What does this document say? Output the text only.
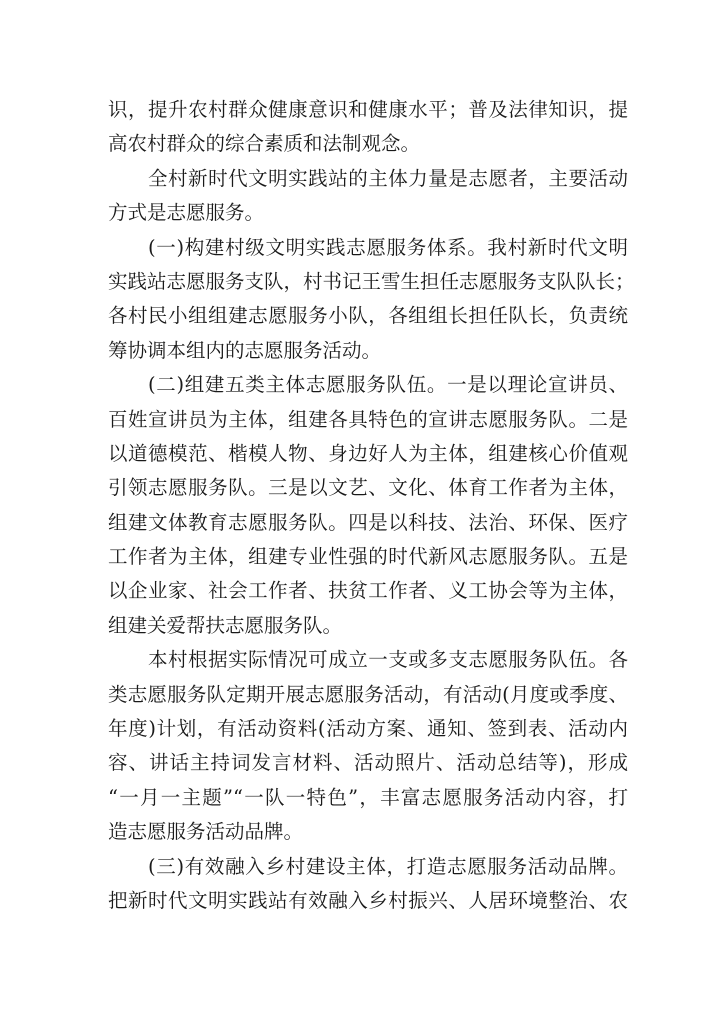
识，提升农村群众健康意识和健康水平；普及法律知识，提
高农村群众的综合素质和法制观念。
全村新时代文明实践站的主体力量是志愿者，主要活动
方式是志愿服务。
(一)构建村级文明实践志愿服务体系。我村新时代文明
实践站志愿服务支队，村书记王雪生担任志愿服务支队队长；
各村民小组组建志愿服务小队，各组组长担任队长，负责统
筹协调本组内的志愿服务活动。
(二)组建五类主体志愿服务队伍。一是以理论宣讲员、
百姓宣讲员为主体，组建各具特色的宣讲志愿服务队。二是
以道德模范、楷模人物、身边好人为主体，组建核心价值观
引领志愿服务队。三是以文艺、文化、体育工作者为主体，
组建文体教育志愿服务队。四是以科技、法治、环保、医疗
工作者为主体，组建专业性强的时代新风志愿服务队。五是
以企业家、社会工作者、扶贫工作者、义工协会等为主体，
组建关爱帮扶志愿服务队。
本村根据实际情况可成立一支或多支志愿服务队伍。各
类志愿服务队定期开展志愿服务活动，有活动(月度或季度、
年度)计划，有活动资料(活动方案、通知、签到表、活动内
容、讲话主持词发言材料、活动照片、活动总结等)，形成
“一月一主题”“一队一特色”，丰富志愿服务活动内容，打
造志愿服务活动品牌。
(三)有效融入乡村建设主体，打造志愿服务活动品牌。
把新时代文明实践站有效融入乡村振兴、人居环境整治、农
